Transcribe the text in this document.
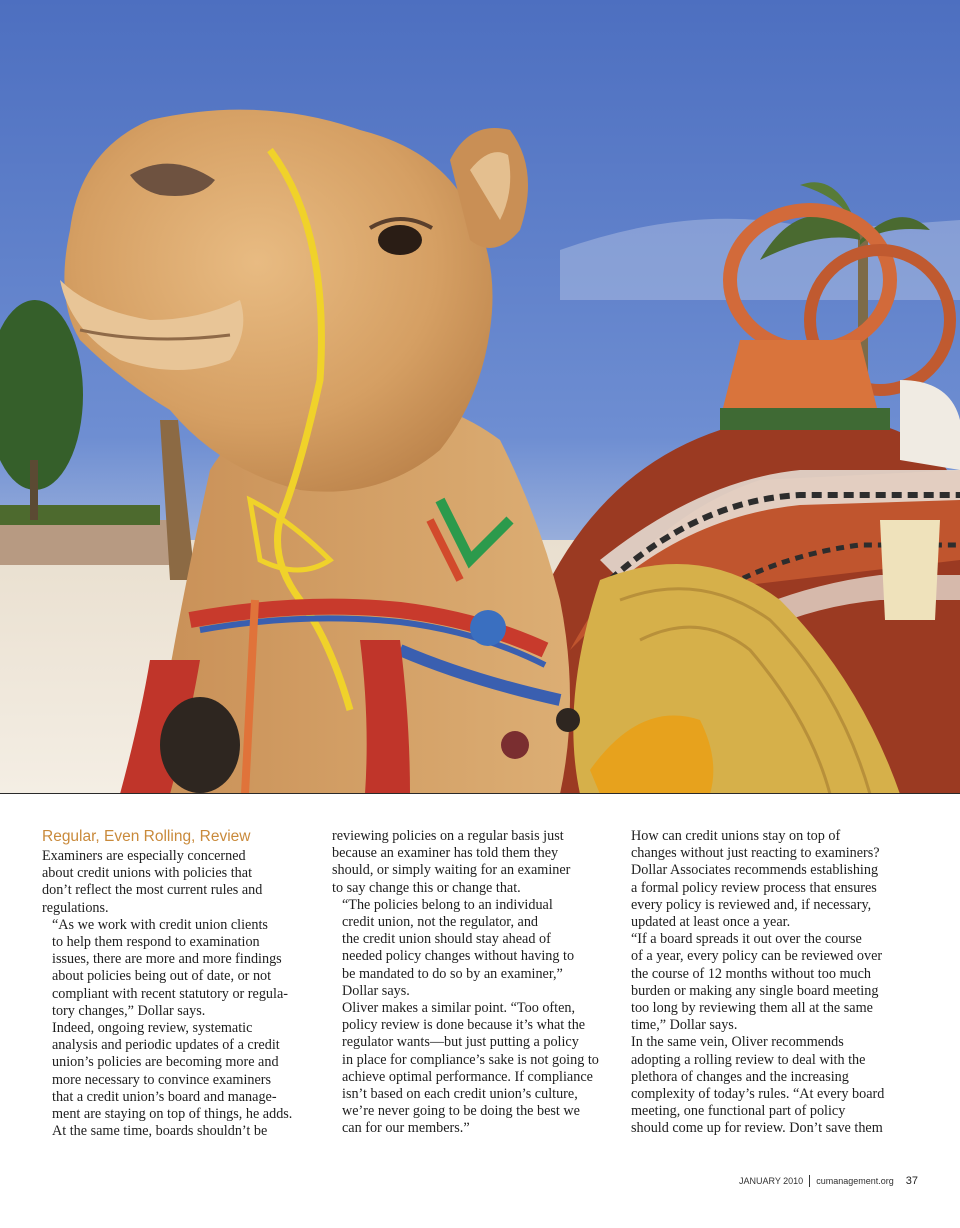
Regular, Even Rolling, Review

Examiners are especially concerned
about credit unions with policies that
don’t reflect the most current rules and
regulations.

“As we work with credit union clients
to help them respond to examination
issues, there are more and more findings
about policies being out of date, or not
compliant with recent statutory or regula-
tory changes,” Dollar says.

Indeed, ongoing review, systematic
analysis and periodic updates of a credit
union’s policies are becoming more and
more necessary to convince examiners
that a credit union’s board and manage-
ment are staying on top of things, he adds.

At the same time, boards shouldn’t be

reviewing policies on a regular basis just
because an examiner has told them they
should, or simply waiting for an examiner
to say change this or change that.

“The policies belong to an individual
credit union, not the regulator, and
the credit union should stay ahead of
needed policy changes without having to
be mandated to do so by an examiner,”
Dollar says.

Oliver makes a similar point. “Too often,
policy review is done because it’s what the
regulator wants—but just putting a policy
in place for compliance’s sake is not going to
achieve optimal performance. If compliance
isn’t based on each credit union’s culture,
we’re never going to be doing the best we
can for our members.”

How can credit unions stay on top of
changes without just reacting to examiners?
Dollar Associates recommends establishing
a formal policy review process that ensures
every policy is reviewed and, if necessary,
updated at least once a year.

“If a board spreads it out over the course
of a year, every policy can be reviewed over
the course of 12 months without too much
burden or making any single board meeting
too long by reviewing them all at the same
time,” Dollar says.

In the same vein, Oliver recommends
adopting a rolling review to deal with the
plethora of changes and the increasing
complexity of today’s rules. “At every board
meeting, one functional part of policy
should come up for review. Don’t save them

JANUARY 2010 cumanagement.org 37
